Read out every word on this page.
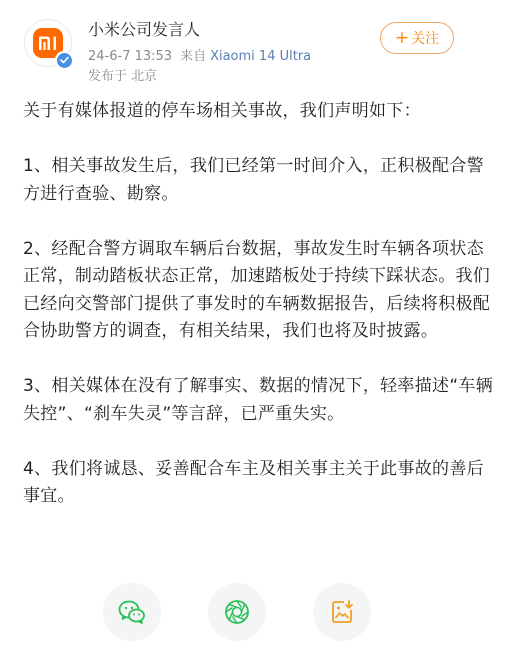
小米公司发言人
24-6-7 13:53 来自 Xiaomi 14 Ultra
发布于 北京
+ 关注

关于有媒体报道的停车场相关事故，我们声明如下：

1、相关事故发生后，我们已经第一时间介入，正积极配合警方进行查验、勘察。

2、经配合警方调取车辆后台数据，事故发生时车辆各项状态正常，制动踏板状态正常，加速踏板处于持续下踩状态。我们已经向交警部门提供了事发时的车辆数据报告，后续将积极配合协助警方的调查，有相关结果，我们也将及时披露。

3、相关媒体在没有了解事实、数据的情况下，轻率描述“车辆失控”、“刹车失灵”等言辞，已严重失实。

4、我们将诚恳、妥善配合车主及相关事主关于此事故的善后事宜。
